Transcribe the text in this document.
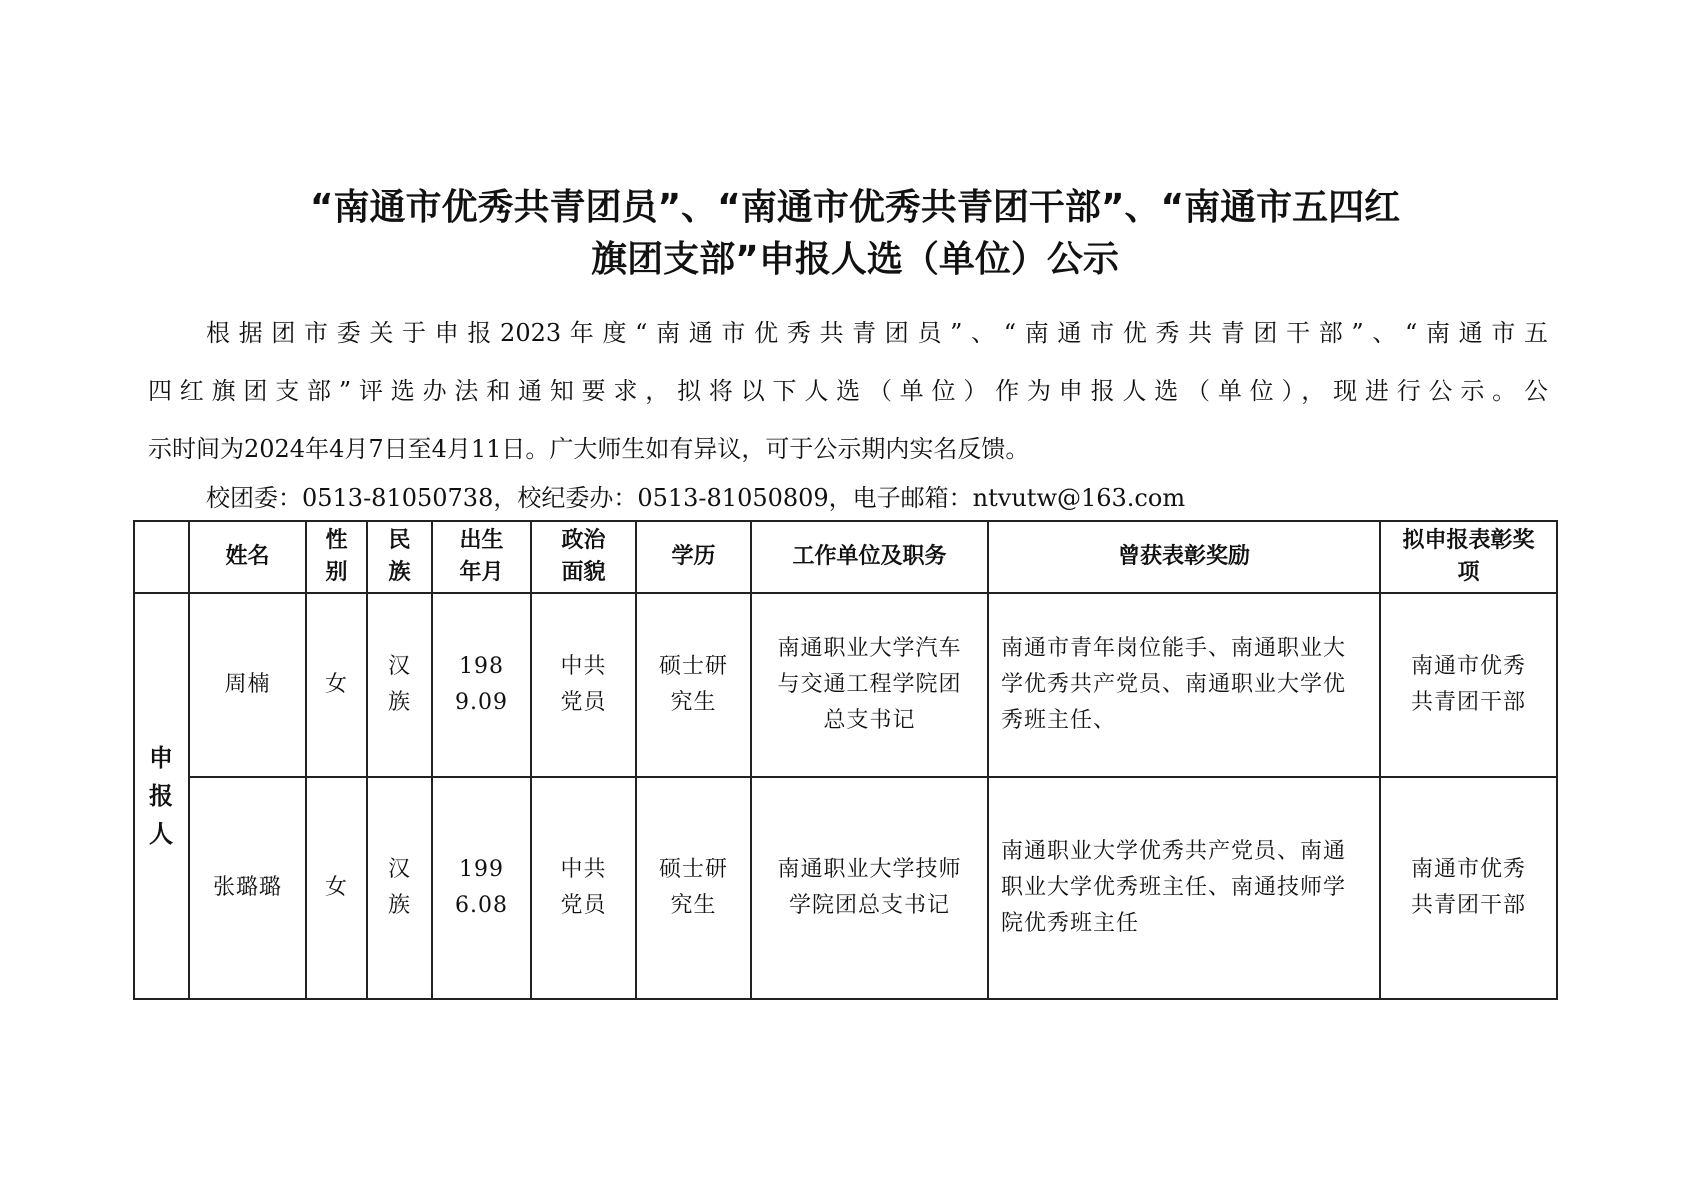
“南通市优秀共青团员”、“南通市优秀共青团干部”、“南通市五四红
旗团支部”申报人选（单位）公示
根据团市委关于申报2023年度“南通市优秀共青团员”、“南通市优秀共青团干部”、“南通市五
四红旗团支部”评选办法和通知要求，拟将以下人选（单位）作为申报人选（单位），现进行公示。公
示时间为2024年4月7日至4月11日。广大师生如有异议，可于公示期内实名反馈。
校团委：0513-81050738，校纪委办：0513-81050809，电子邮箱：ntvutw@163.com
	姓名	性别	民族	出生年月	政治面貌	学历	工作单位及职务	曾获表彰奖励	拟申报表彰奖项
申报人	周楠	女	汉族	1989.09	中共党员	硕士研究生	南通职业大学汽车与交通工程学院团总支书记	南通市青年岗位能手、南通职业大学优秀共产党员、南通职业大学优秀班主任、	南通市优秀共青团干部
	张璐璐	女	汉族	1996.08	中共党员	硕士研究生	南通职业大学技师学院团总支书记	南通职业大学优秀共产党员、南通职业大学优秀班主任、南通技师学院优秀班主任	南通市优秀共青团干部
